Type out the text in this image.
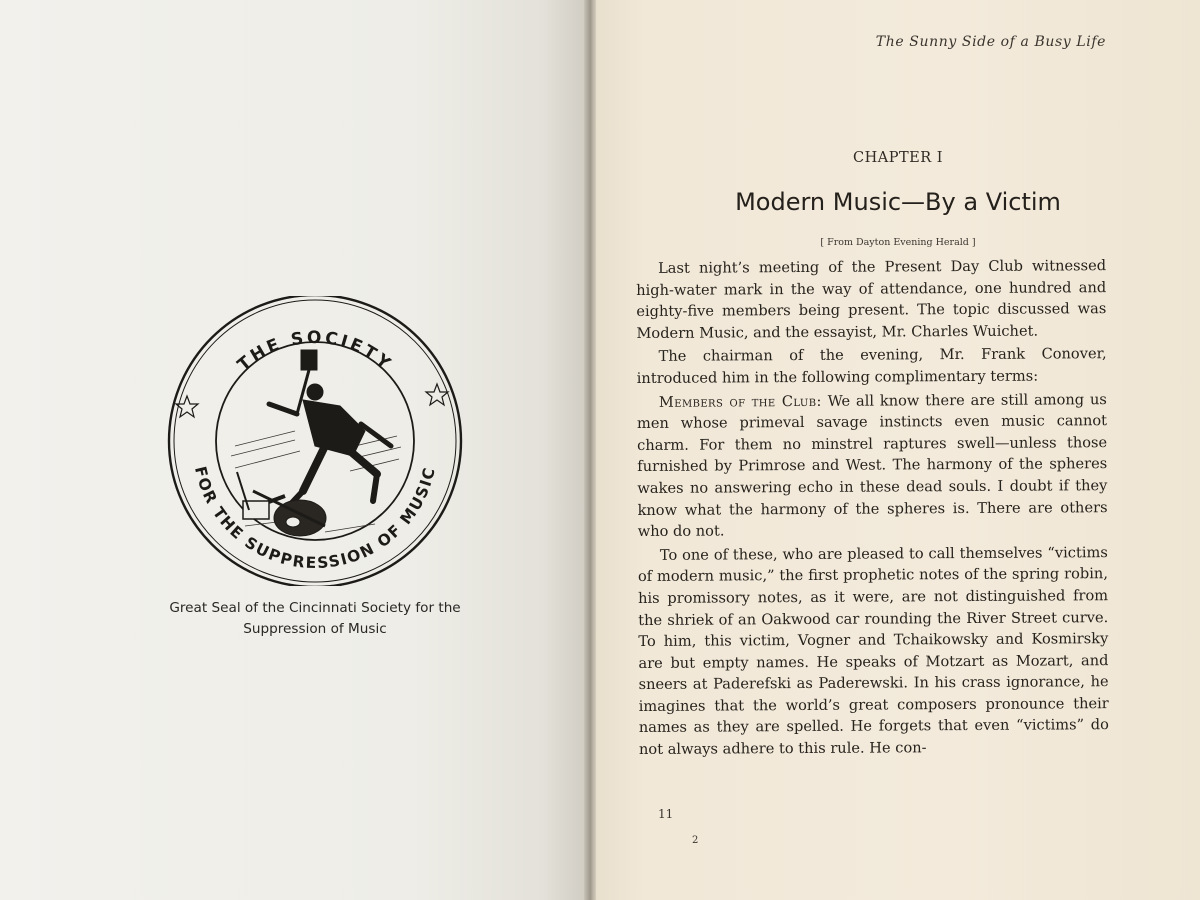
THE SOCIETY
FOR THE SUPPRESSION OF MUSIC
Great Seal of the Cincinnati Society for the Suppression of Music
The Sunny Side of a Busy Life
CHAPTER I
Modern Music—By a Victim
[ From Dayton Evening Herald ]

Last night’s meeting of the Present Day Club witnessed high-water mark in the way of attendance, one hundred and eighty-five members being present. The topic discussed was Modern Music, and the essayist, Mr. Charles Wuichet.

The chairman of the evening, Mr. Frank Conover, introduced him in the following complimentary terms:

Members of the Club: We all know there are still among us men whose primeval savage instincts even music cannot charm. For them no minstrel raptures swell—unless those furnished by Primrose and West. The harmony of the spheres wakes no answering echo in these dead souls. I doubt if they know what the harmony of the spheres is. There are others who do not.

To one of these, who are pleased to call themselves “victims of modern music,” the first prophetic notes of the spring robin, his promissory notes, as it were, are not distinguished from the shriek of an Oakwood car rounding the River Street curve. To him, this victim, Vogner and Tchaikowsky and Kosmirsky are but empty names. He speaks of Motzart as Mozart, and sneers at Paderefski as Paderewski. In his crass ignorance, he imagines that the world’s great composers pronounce their names as they are spelled. He forgets that even “victims” do not always adhere to this rule. He con-

11
2
